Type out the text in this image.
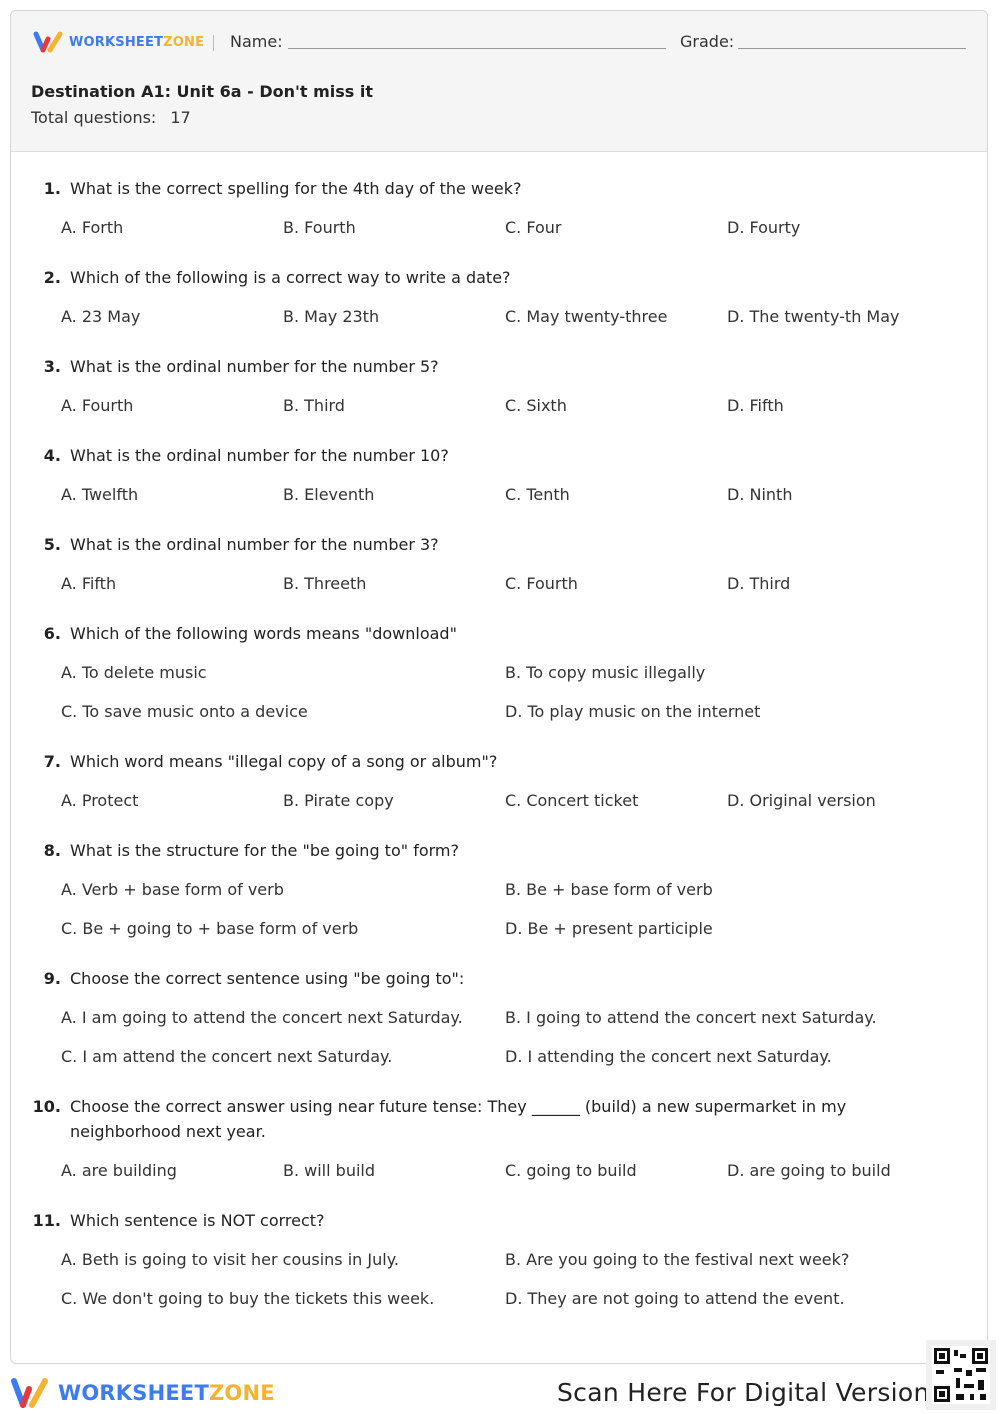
WORKSHEETZONE Name:	Grade:
Destination A1: Unit 6a - Don't miss it
Total questions: 17
1. What is the correct spelling for the 4th day of the week?
A. Forth	B. Fourth	C. Four	D. Fourty
2. Which of the following is a correct way to write a date?
A. 23 May	B. May 23th	C. May twenty-three	D. The twenty-th May
3. What is the ordinal number for the number 5?
A. Fourth	B. Third	C. Sixth	D. Fifth
4. What is the ordinal number for the number 10?
A. Twelfth	B. Eleventh	C. Tenth	D. Ninth
5. What is the ordinal number for the number 3?
A. Fifth	B. Threeth	C. Fourth	D. Third
6. Which of the following words means "download"
A. To delete music	B. To copy music illegally
C. To save music onto a device	D. To play music on the internet
7. Which word means "illegal copy of a song or album"?
A. Protect	B. Pirate copy	C. Concert ticket	D. Original version
8. What is the structure for the "be going to" form?
A. Verb + base form of verb	B. Be + base form of verb
C. Be + going to + base form of verb	D. Be + present participle
9. Choose the correct sentence using "be going to":
A. I am going to attend the concert next Saturday.	B. I going to attend the concert next Saturday.
C. I am attend the concert next Saturday.	D. I attending the concert next Saturday.
10. Choose the correct answer using near future tense: They ______ (build) a new supermarket in my neighborhood next year.
A. are building	B. will build	C. going to build	D. are going to build
11. Which sentence is NOT correct?
A. Beth is going to visit her cousins in July.	B. Are you going to the festival next week?
C. We don't going to buy the tickets this week.	D. They are not going to attend the event.
WORKSHEETZONE	Scan Here For Digital Version
